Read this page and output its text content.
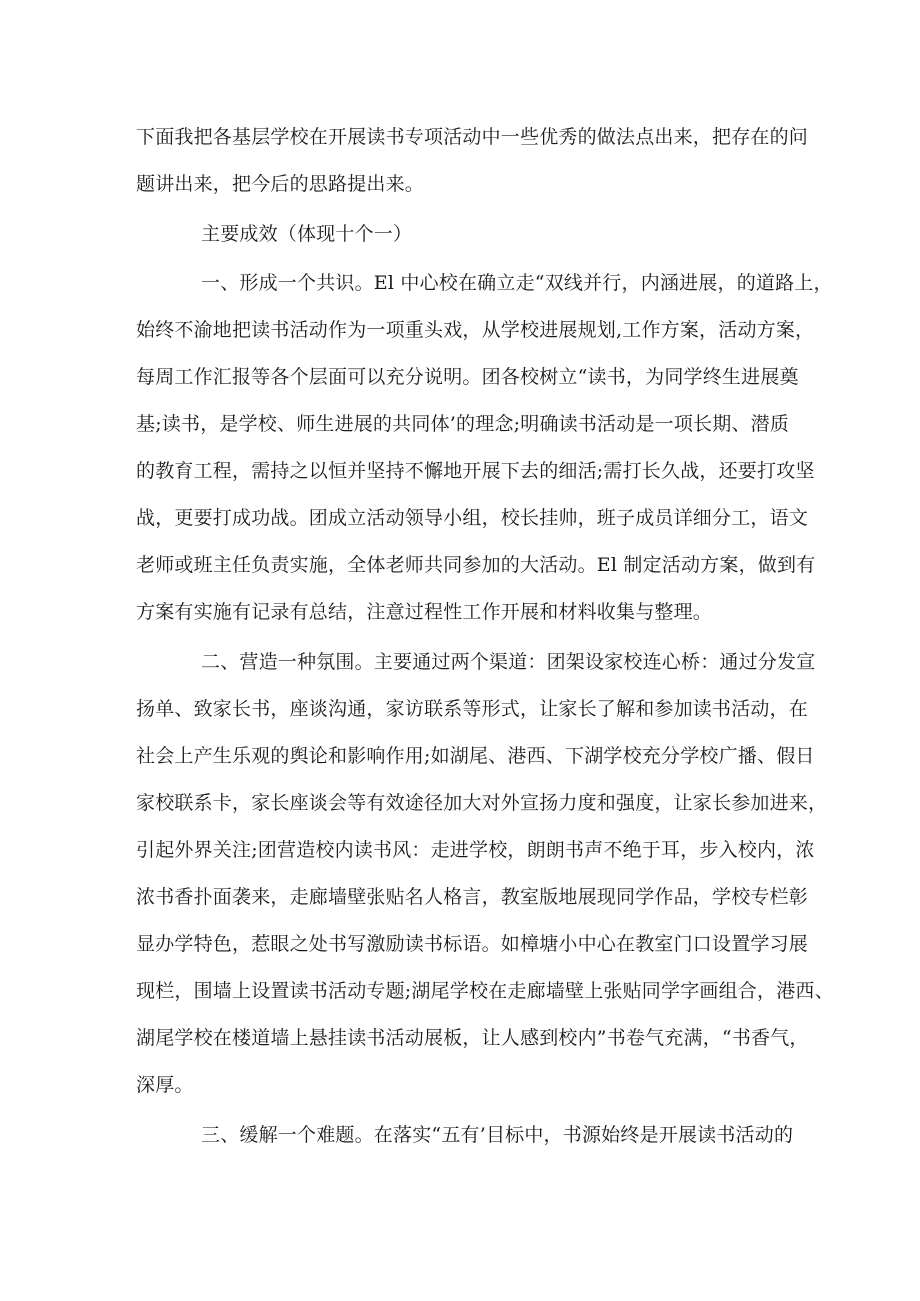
下面我把各基层学校在开展读书专项活动中一些优秀的做法点出来，把存在的问
题讲出来，把今后的思路提出来。
主要成效（体现十个一）
一、形成一个共识。El 中心校在确立走“双线并行，内涵进展，的道路上，
始终不渝地把读书活动作为一项重头戏，从学校进展规划,工作方案，活动方案，
每周工作汇报等各个层面可以充分说明。团各校树立“读书，为同学终生进展奠
基;读书，是学校、师生进展的共同体’的理念;明确读书活动是一项长期、潜质
的教育工程，需持之以恒并坚持不懈地开展下去的细活;需打长久战，还要打攻坚
战，更要打成功战。团成立活动领导小组，校长挂帅，班子成员详细分工，语文
老师或班主任负责实施，全体老师共同参加的大活动。El 制定活动方案，做到有
方案有实施有记录有总结，注意过程性工作开展和材料收集与整理。
二、营造一种氛围。主要通过两个渠道：团架设家校连心桥：通过分发宣
扬单、致家长书，座谈沟通，家访联系等形式，让家长了解和参加读书活动，在
社会上产生乐观的舆论和影响作用;如湖尾、港西、下湖学校充分学校广播、假日
家校联系卡，家长座谈会等有效途径加大对外宣扬力度和强度，让家长参加进来，
引起外界关注;团营造校内读书风：走进学校，朗朗书声不绝于耳，步入校内，浓
浓书香扑面袭来，走廊墙壁张贴名人格言，教室版地展现同学作品，学校专栏彰
显办学特色，惹眼之处书写激励读书标语。如樟塘小中心在教室门口设置学习展
现栏，围墙上设置读书活动专题;湖尾学校在走廊墙壁上张贴同学字画组合，港西、
湖尾学校在楼道墙上悬挂读书活动展板，让人感到校内”书卷气充满，“书香气，
深厚。
三、缓解一个难题。在落实“五有’目标中，书源始终是开展读书活动的
